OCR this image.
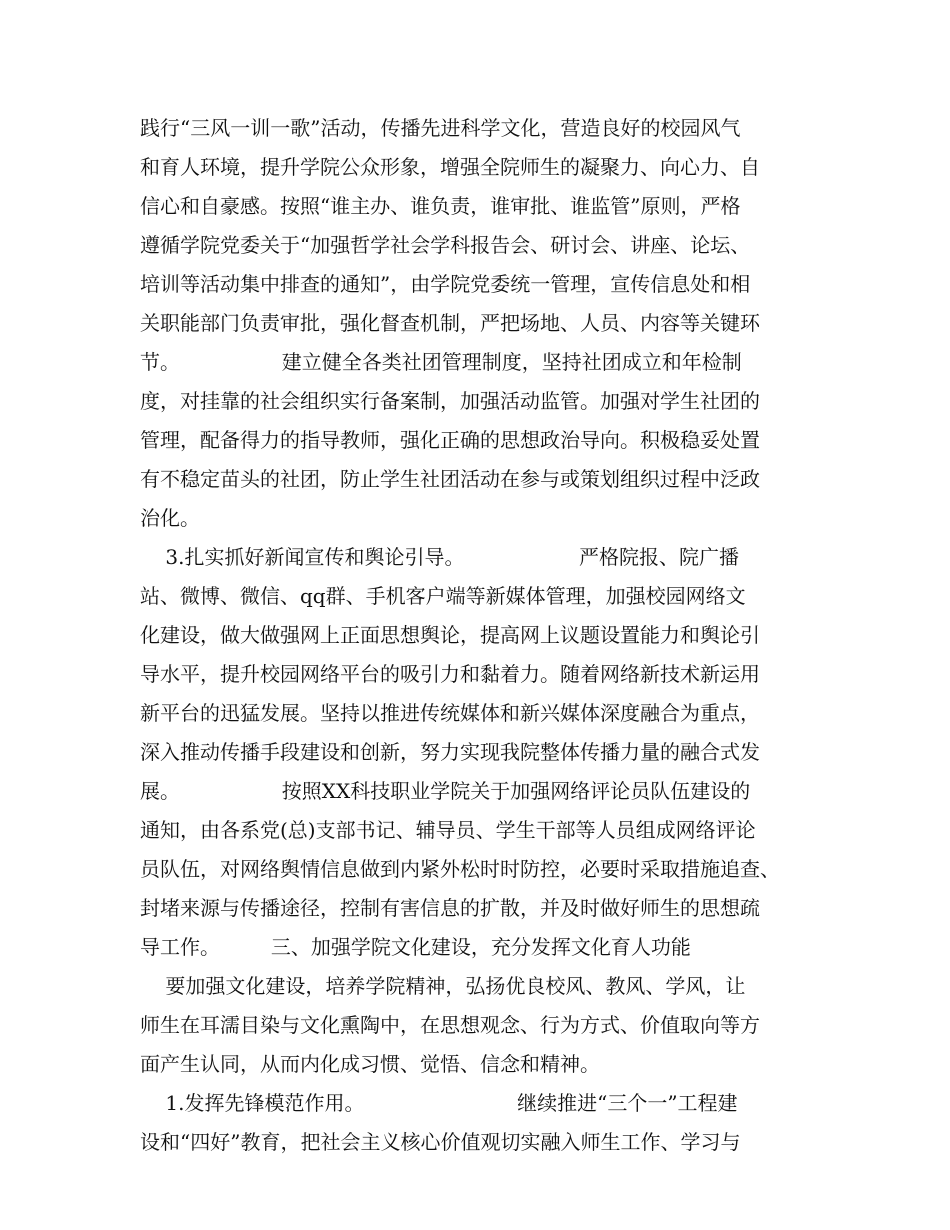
践行“三风一训一歌”活动，传播先进科学文化，营造良好的校园风气
和育人环境，提升学院公众形象，增强全院师生的凝聚力、向心力、自
信心和自豪感。按照“谁主办、谁负责，谁审批、谁监管”原则，严格
遵循学院党委关于“加强哲学社会学科报告会、研讨会、讲座、论坛、
培训等活动集中排查的通知”，由学院党委统一管理，宣传信息处和相
关职能部门负责审批，强化督查机制，严把场地、人员、内容等关键环
节。                建立健全各类社团管理制度，坚持社团成立和年检制
度，对挂靠的社会组织实行备案制，加强活动监管。加强对学生社团的
管理，配备得力的指导教师，强化正确的思想政治导向。积极稳妥处置
有不稳定苗头的社团，防止学生社团活动在参与或策划组织过程中泛政
治化。
3.扎实抓好新闻宣传和舆论引导。                  严格院报、院广播
站、微博、微信、qq群、手机客户端等新媒体管理，加强校园网络文
化建设，做大做强网上正面思想舆论，提高网上议题设置能力和舆论引
导水平，提升校园网络平台的吸引力和黏着力。随着网络新技术新运用
新平台的迅猛发展。坚持以推进传统媒体和新兴媒体深度融合为重点，
深入推动传播手段建设和创新，努力实现我院整体传播力量的融合式发
展。                按照XX科技职业学院关于加强网络评论员队伍建设的
通知，由各系党(总)支部书记、辅导员、学生干部等人员组成网络评论
员队伍，对网络舆情信息做到内紧外松时时防控，必要时采取措施追查、
封堵来源与传播途径，控制有害信息的扩散，并及时做好师生的思想疏
导工作。        三、加强学院文化建设，充分发挥文化育人功能
要加强文化建设，培养学院精神，弘扬优良校风、教风、学风，让
师生在耳濡目染与文化熏陶中，在思想观念、行为方式、价值取向等方
面产生认同，从而内化成习惯、觉悟、信念和精神。
1.发挥先锋模范作用。                        继续推进“三个一”工程建
设和“四好”教育，把社会主义核心价值观切实融入师生工作、学习与
